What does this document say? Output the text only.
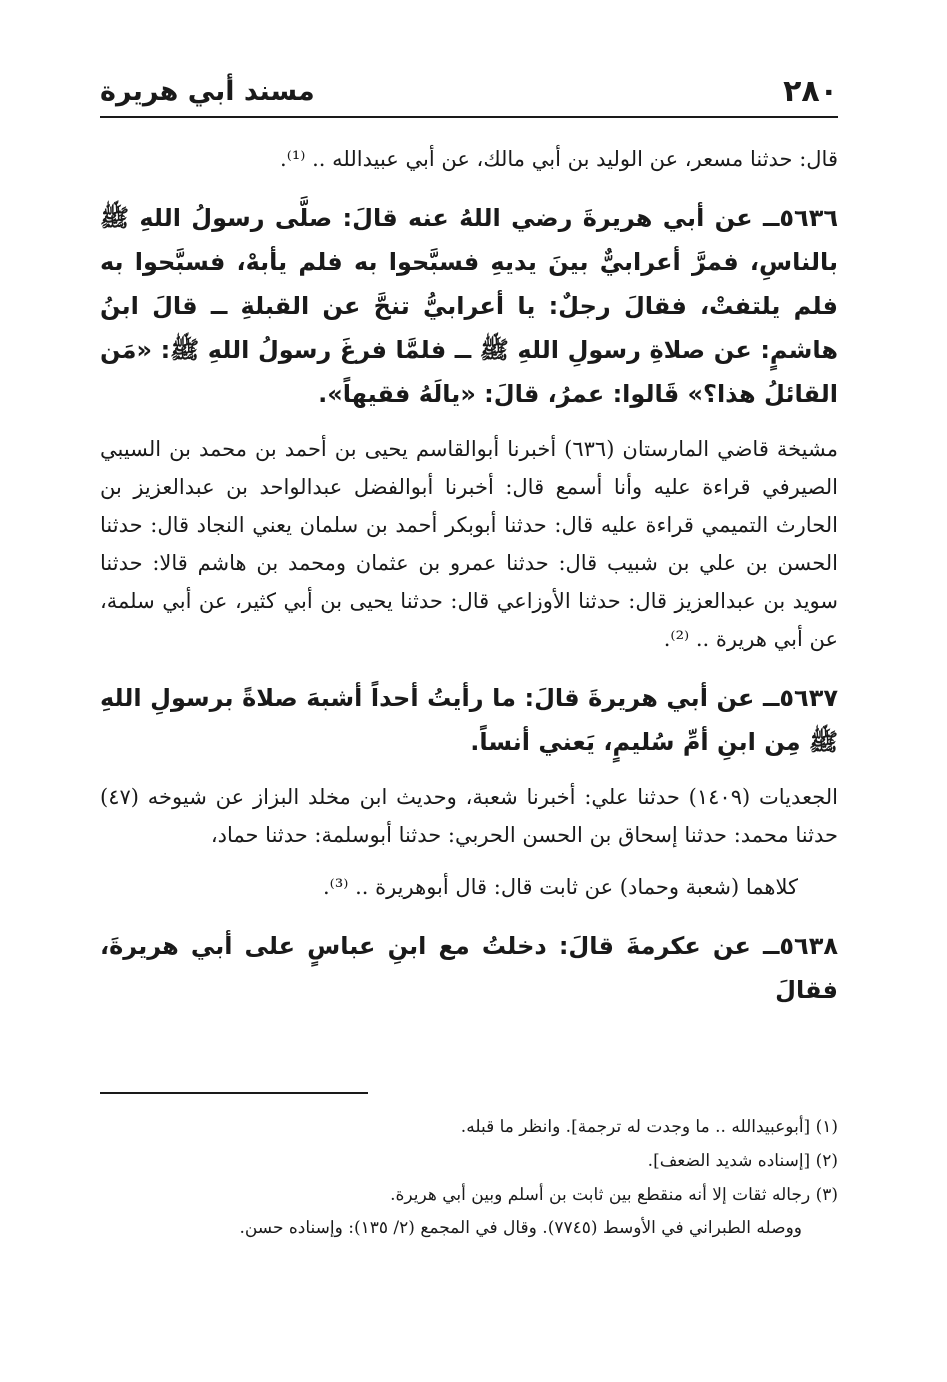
٢٨٠
مسند أبي هريرة

قال: حدثنا مسعر، عن الوليد بن أبي مالك، عن أبي عبيدالله .. ⁽¹⁾.

٥٦٣٦ــ عن أبي هريرةَ رضي اللهُ عنه قالَ: صلَّى رسولُ اللهِ ﷺ بالناسِ، فمرَّ أعرابيٌّ بينَ يديهِ فسبَّحوا به فلم يأبهْ، فسبَّحوا به فلم يلتفتْ، فقالَ رجلٌ: يا أعرابيُّ تنحَّ عن القبلةِ ــ قالَ ابنُ هاشمٍ: عن صلاةِ رسولِ اللهِ ﷺ ــ فلمَّا فرغَ رسولُ اللهِ ﷺ: «مَن القائلُ هذا؟» قَالوا: عمرُ، قالَ: «يالَهُ فقيهاً».

مشيخة قاضي المارستان (٦٣٦) أخبرنا أبوالقاسم يحيى بن أحمد بن محمد بن السيبي الصيرفي قراءة عليه وأنا أسمع قال: أخبرنا أبوالفضل عبدالواحد بن عبدالعزيز بن الحارث التميمي قراءة عليه قال: حدثنا أبوبكر أحمد بن سلمان يعني النجاد قال: حدثنا الحسن بن علي بن شبيب قال: حدثنا عمرو بن عثمان ومحمد بن هاشم قالا: حدثنا سويد بن عبدالعزيز قال: حدثنا الأوزاعي قال: حدثنا يحيى بن أبي كثير، عن أبي سلمة، عن أبي هريرة .. ⁽²⁾.

٥٦٣٧ــ عن أبي هريرةَ قالَ: ما رأيتُ أحداً أشبهَ صلاةً برسولِ اللهِ ﷺ مِن ابنِ أمِّ سُليمٍ، يَعني أنساً.

الجعديات (١٤٠٩) حدثنا علي: أخبرنا شعبة، وحديث ابن مخلد البزاز عن شيوخه (٤٧) حدثنا محمد: حدثنا إسحاق بن الحسن الحربي: حدثنا أبوسلمة: حدثنا حماد،

كلاهما (شعبة وحماد) عن ثابت قال: قال أبوهريرة .. ⁽³⁾.

٥٦٣٨ــ عن عكرمةَ قالَ: دخلتُ مع ابنِ عباسٍ على أبي هريرةَ، فقالَ

(١) [أبوعبيدالله .. ما وجدت له ترجمة]. وانظر ما قبله.

(٢) [إسناده شديد الضعف].

(٣) رجاله ثقات إلا أنه منقطع بين ثابت بن أسلم وبين أبي هريرة.

ووصله الطبراني في الأوسط (٧٧٤٥). وقال في المجمع (٢/ ١٣٥): وإسناده حسن.
